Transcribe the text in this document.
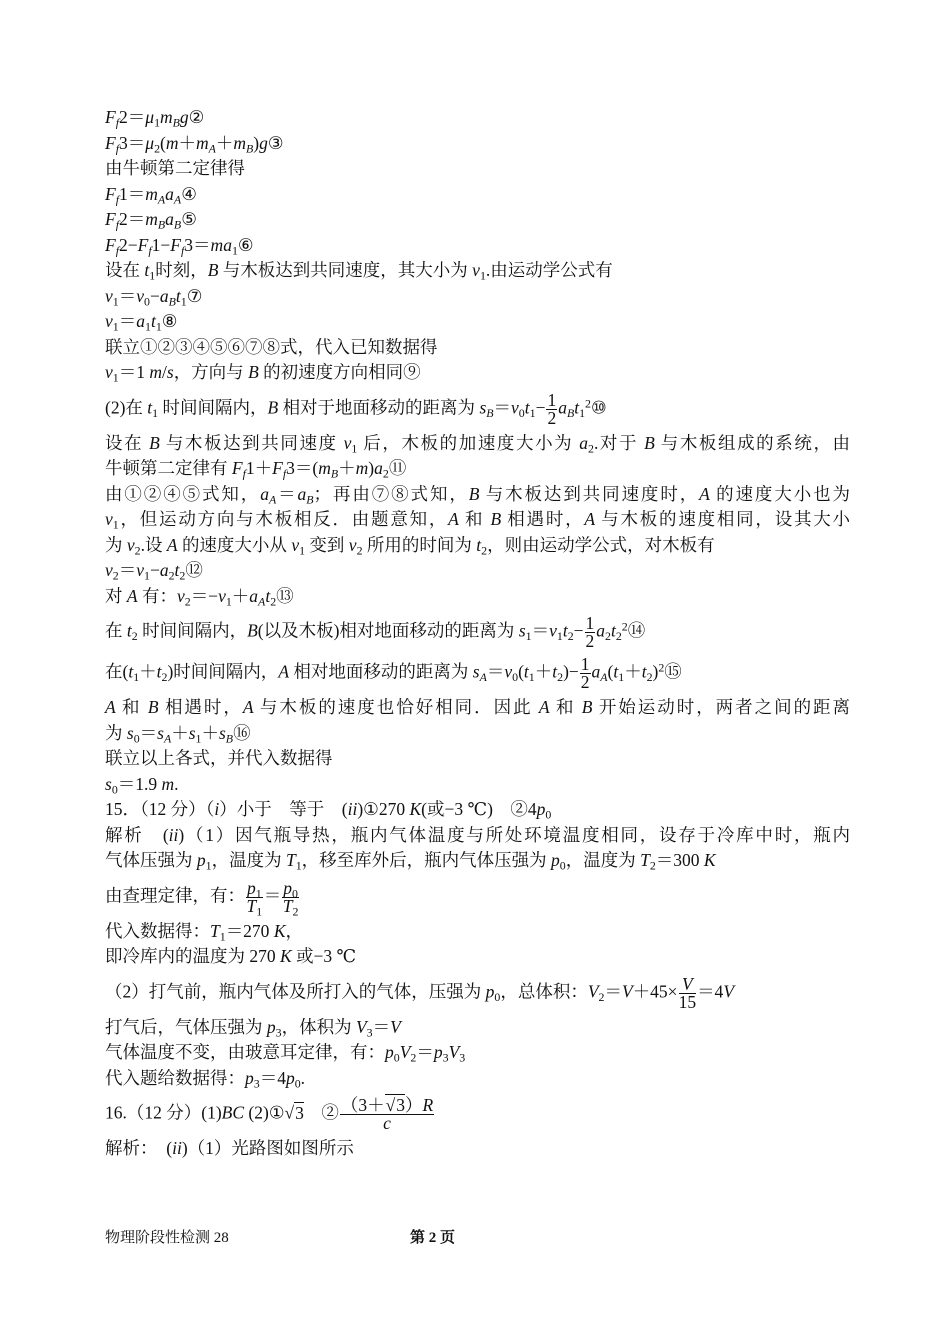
$F_f2=\mu_1m_Bg②$
$F_f3=\mu_2(m+m_A+m_B)g③$
由牛顿第二定律得
$F_f1=m_Aa_A④$
$F_f2=m_Ba_B⑤$
$F_f2-F_f1-F_f3=ma_1⑥$
设在 $t_1$时刻，B 与木板达到共同速度，其大小为 $v_1$.由运动学公式有
$v_1=v_0-a_Bt_1⑦$
$v_1=a_1t_1⑧$
联立①②③④⑤⑥⑦⑧式，代入已知数据得
$v_1=1$ m/s，方向与 B 的初速度方向相同⑨
(2)在 $t_1$ 时间间隔内，B 相对于地面移动的距离为 $s_B=v_0t_1- \frac{1}{2}$ $a_Bt_1^2⑩$
设在 B 与木板达到共同速度 $v_1$ 后，木板的加速度大小为 $a_2$.对于 B 与木板组成的系统，由
牛顿第二定律有 $F_f1+F_f3=(m_B+m)a_2⑪$
由①②④⑤式知，$a_A=a_B$；再由⑦⑧式知，B 与木板达到共同速度时，A 的速度大小也为
$v_1$，但运动方向与木板相反．由题意知，A 和 B 相遇时，A 与木板的速度相同，设其大小
为 $v_2$.设 A 的速度大小从 $v_1$ 变到 $v_2$ 所用的时间为 $t_2$，则由运动学公式，对木板有
$v_2=v_1-a_2t_2⑫$
对 A 有：$v_2=-v_1+a_At_2⑬$
在 $t_2$ 时间间隔内，B(以及木板)相对地面移动的距离为 $s_1=v_1t_2- \frac{1}{2}$ $a_2t_2^2⑭$
在$(t_1+t_2)$时间间隔内，A 相对地面移动的距离为 $s_A=v_0(t_1+t_2)- \frac{1}{2}$ $a_A(t_1+t_2)^2⑮$
A 和 B 相遇时，A 与木板的速度也恰好相同．因此 A 和 B 开始运动时，两者之间的距离
为 $s_0=s_A+s_1+s_B⑯$
联立以上各式，并代入数据得
$s_0=1.9$ m.
15．（12 分）（i）小于　等于　(ii)①270 K(或−3 ℃)　$②4p_0$
解析　(ii)（1）因气瓶导热，瓶内气体温度与所处环境温度相同，设存于冷库中时，瓶内
气体压强为 $p_1$，温度为 $T_1$，移至库外后，瓶内气体压强为 $p_0$，温度为 $T_2=300$ K
由查理定律，有： $\frac{p_1}{T_1} = \frac{p_0}{T_2}$
代入数据得：$T_1=270$ K，
即冷库内的温度为 270 K 或−3 ℃
（2）打气前，瓶内气体及所打入的气体，压强为 $p_0$，总体积：$V_2=V+45\times \frac{V}{15} =4V$
打气后，气体压强为 $p_3$，体积为 $V_3=V$
气体温度不变，由玻意耳定律，有：$p_0V_2=p_3V_3$
代入题给数据得：$p_3=4p_0$.
16.（12 分）(1)BC (2)①√3　② $\frac{(3+√3)R}{c}$
解析：　(ii)（1）光路图如图所示
物理阶段性检测 28	第 2 页
